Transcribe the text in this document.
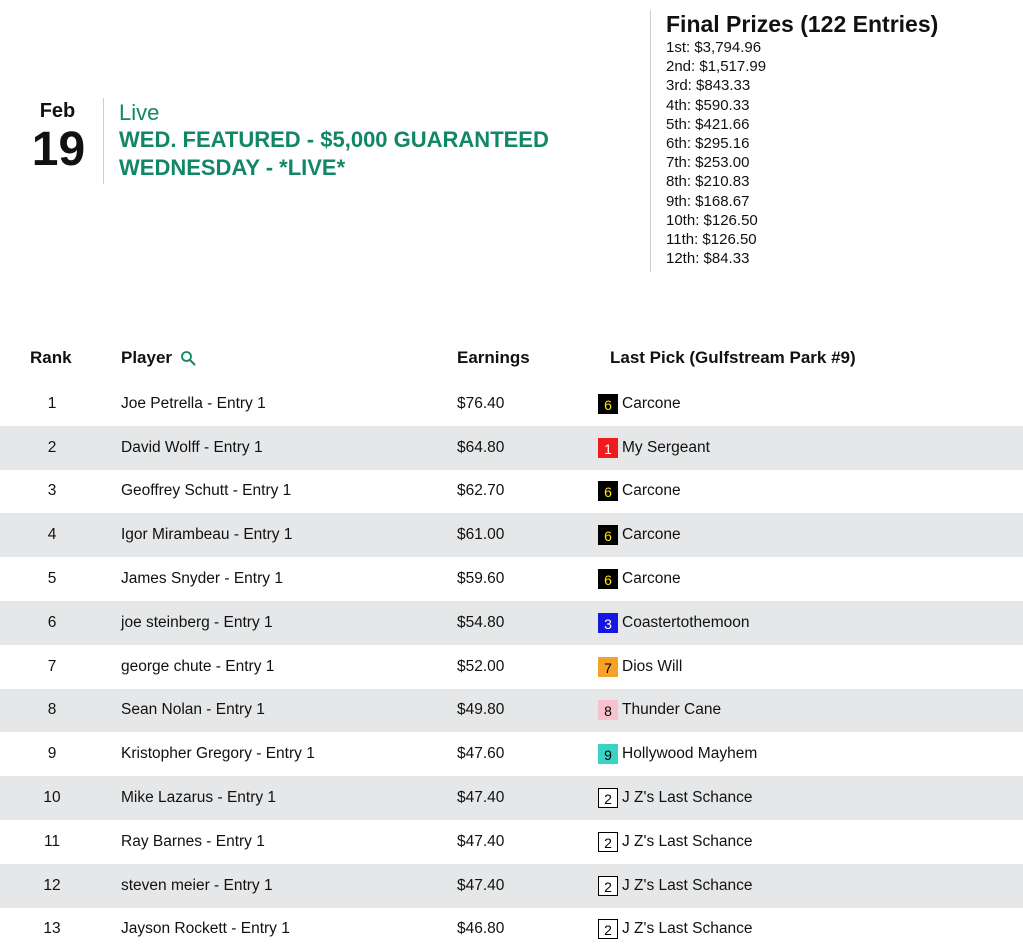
Feb
19
Live
WED. FEATURED - $5,000 GUARANTEED
WEDNESDAY - *LIVE*
Final Prizes (122 Entries)
1st: $3,794.96
2nd: $1,517.99
3rd: $843.33
4th: $590.33
5th: $421.66
6th: $295.16
7th: $253.00
8th: $210.83
9th: $168.67
10th: $126.50
11th: $126.50
12th: $84.33
Rank	Player	Earnings	Last Pick (Gulfstream Park #9)
1	Joe Petrella - Entry 1	$76.40	6 Carcone
2	David Wolff - Entry 1	$64.80	1 My Sergeant
3	Geoffrey Schutt - Entry 1	$62.70	6 Carcone
4	Igor Mirambeau - Entry 1	$61.00	6 Carcone
5	James Snyder - Entry 1	$59.60	6 Carcone
6	joe steinberg - Entry 1	$54.80	3 Coastertothemoon
7	george chute - Entry 1	$52.00	7 Dios Will
8	Sean Nolan - Entry 1	$49.80	8 Thunder Cane
9	Kristopher Gregory - Entry 1	$47.60	9 Hollywood Mayhem
10	Mike Lazarus - Entry 1	$47.40	2 J Z's Last Schance
11	Ray Barnes - Entry 1	$47.40	2 J Z's Last Schance
12	steven meier - Entry 1	$47.40	2 J Z's Last Schance
13	Jayson Rockett - Entry 1	$46.80	2 J Z's Last Schance
